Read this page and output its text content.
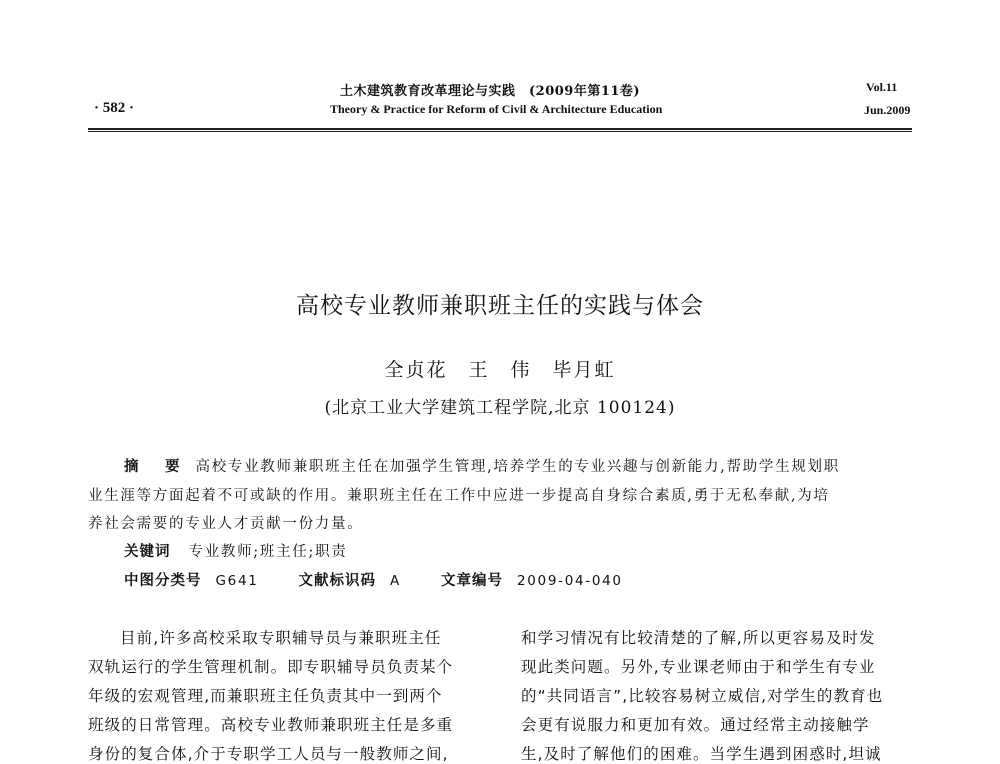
土木建筑教育改革理论与实践　(2009年第11卷)
Theory & Practice for Reform of Civil & Architecture Education
· 582 ·
Vol.11
Jun.2009
高校专业教师兼职班主任的实践与体会
全贞花　王　伟　毕月虹
(北京工业大学建筑工程学院,北京 100124)
摘　要 高校专业教师兼职班主任在加强学生管理,培养学生的专业兴趣与创新能力,帮助学生规划职
业生涯等方面起着不可或缺的作用。兼职班主任在工作中应进一步提高自身综合素质,勇于无私奉献,为培
养社会需要的专业人才贡献一份力量。
关键词 专业教师;班主任;职责
中图分类号 G641	文献标识码 A	文章编号 2009-04-040
目前,许多高校采取专职辅导员与兼职班主任
双轨运行的学生管理机制。即专职辅导员负责某个
年级的宏观管理,而兼职班主任负责其中一到两个
班级的日常管理。高校专业教师兼职班主任是多重
身份的复合体,介于专职学工人员与一般教师之间,
和学习情况有比较清楚的了解,所以更容易及时发
现此类问题。另外,专业课老师由于和学生有专业
的“共同语言”,比较容易树立威信,对学生的教育也
会更有说服力和更加有效。通过经常主动接触学
生,及时了解他们的困难。当学生遇到困惑时,坦诚
